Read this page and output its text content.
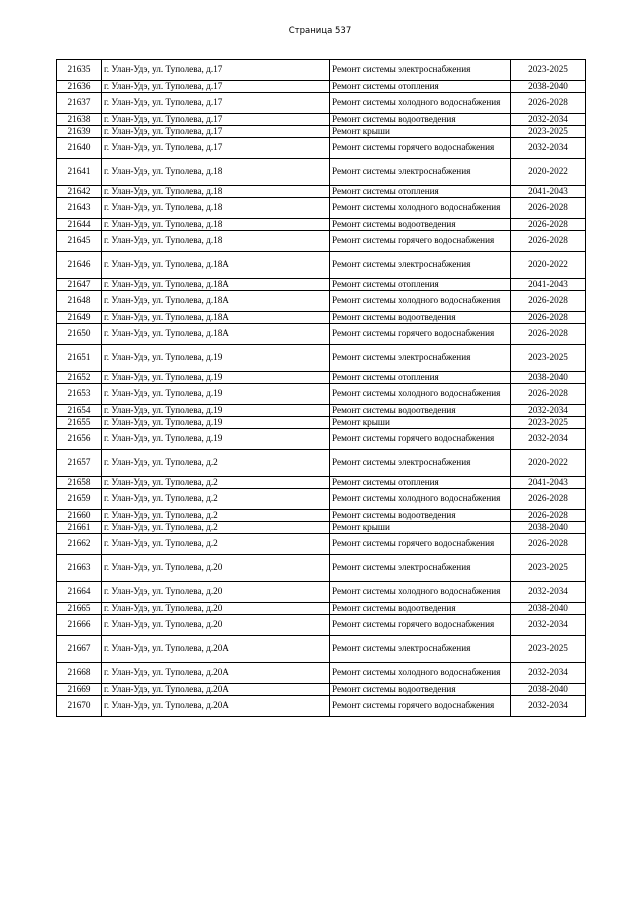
Страница 537
21635	г. Улан-Удэ, ул. Туполева, д.17	Ремонт системы электроснабжения	2023-2025
21636	г. Улан-Удэ, ул. Туполева, д.17	Ремонт системы отопления	2038-2040
21637	г. Улан-Удэ, ул. Туполева, д.17	Ремонт системы холодного водоснабжения	2026-2028
21638	г. Улан-Удэ, ул. Туполева, д.17	Ремонт системы водоотведения	2032-2034
21639	г. Улан-Удэ, ул. Туполева, д.17	Ремонт крыши	2023-2025
21640	г. Улан-Удэ, ул. Туполева, д.17	Ремонт системы горячего водоснабжения	2032-2034
21641	г. Улан-Удэ, ул. Туполева, д.18	Ремонт системы электроснабжения	2020-2022
21642	г. Улан-Удэ, ул. Туполева, д.18	Ремонт системы отопления	2041-2043
21643	г. Улан-Удэ, ул. Туполева, д.18	Ремонт системы холодного водоснабжения	2026-2028
21644	г. Улан-Удэ, ул. Туполева, д.18	Ремонт системы водоотведения	2026-2028
21645	г. Улан-Удэ, ул. Туполева, д.18	Ремонт системы горячего водоснабжения	2026-2028
21646	г. Улан-Удэ, ул. Туполева, д.18А	Ремонт системы электроснабжения	2020-2022
21647	г. Улан-Удэ, ул. Туполева, д.18А	Ремонт системы отопления	2041-2043
21648	г. Улан-Удэ, ул. Туполева, д.18А	Ремонт системы холодного водоснабжения	2026-2028
21649	г. Улан-Удэ, ул. Туполева, д.18А	Ремонт системы водоотведения	2026-2028
21650	г. Улан-Удэ, ул. Туполева, д.18А	Ремонт системы горячего водоснабжения	2026-2028
21651	г. Улан-Удэ, ул. Туполева, д.19	Ремонт системы электроснабжения	2023-2025
21652	г. Улан-Удэ, ул. Туполева, д.19	Ремонт системы отопления	2038-2040
21653	г. Улан-Удэ, ул. Туполева, д.19	Ремонт системы холодного водоснабжения	2026-2028
21654	г. Улан-Удэ, ул. Туполева, д.19	Ремонт системы водоотведения	2032-2034
21655	г. Улан-Удэ, ул. Туполева, д.19	Ремонт крыши	2023-2025
21656	г. Улан-Удэ, ул. Туполева, д.19	Ремонт системы горячего водоснабжения	2032-2034
21657	г. Улан-Удэ, ул. Туполева, д.2	Ремонт системы электроснабжения	2020-2022
21658	г. Улан-Удэ, ул. Туполева, д.2	Ремонт системы отопления	2041-2043
21659	г. Улан-Удэ, ул. Туполева, д.2	Ремонт системы холодного водоснабжения	2026-2028
21660	г. Улан-Удэ, ул. Туполева, д.2	Ремонт системы водоотведения	2026-2028
21661	г. Улан-Удэ, ул. Туполева, д.2	Ремонт крыши	2038-2040
21662	г. Улан-Удэ, ул. Туполева, д.2	Ремонт системы горячего водоснабжения	2026-2028
21663	г. Улан-Удэ, ул. Туполева, д.20	Ремонт системы электроснабжения	2023-2025
21664	г. Улан-Удэ, ул. Туполева, д.20	Ремонт системы холодного водоснабжения	2032-2034
21665	г. Улан-Удэ, ул. Туполева, д.20	Ремонт системы водоотведения	2038-2040
21666	г. Улан-Удэ, ул. Туполева, д.20	Ремонт системы горячего водоснабжения	2032-2034
21667	г. Улан-Удэ, ул. Туполева, д.20А	Ремонт системы электроснабжения	2023-2025
21668	г. Улан-Удэ, ул. Туполева, д.20А	Ремонт системы холодного водоснабжения	2032-2034
21669	г. Улан-Удэ, ул. Туполева, д.20А	Ремонт системы водоотведения	2038-2040
21670	г. Улан-Удэ, ул. Туполева, д.20А	Ремонт системы горячего водоснабжения	2032-2034
